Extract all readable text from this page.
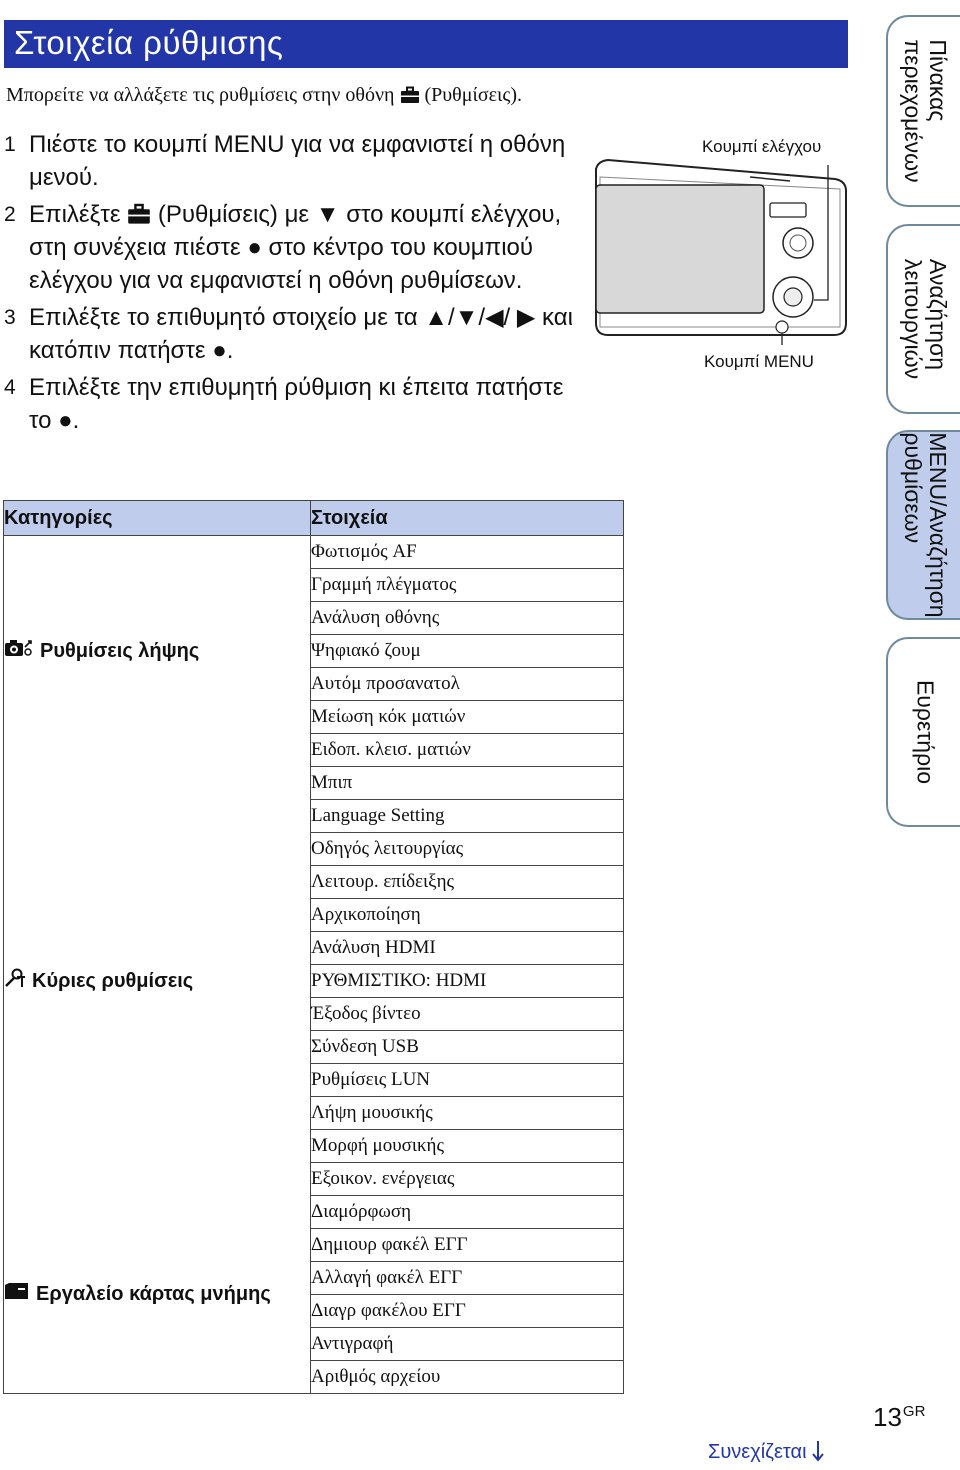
Στοιχεία ρύθμισης
Μπορείτε να αλλάξετε τις ρυθμίσεις στην οθόνη (Ρυθμίσεις).
1 Πιέστε το κουμπί MENU για να εμφανιστεί η οθόνη μενού.
2 Επιλέξτε (Ρυθμίσεις) με ▼ στο κουμπί ελέγχου, στη συνέχεια πιέστε ● στο κέντρο του κουμπιού ελέγχου για να εμφανιστεί η οθόνη ρυθμίσεων.
3 Επιλέξτε το επιθυμητό στοιχείο με τα ▲/▼/◀/ ▶ και κατόπιν πατήστε ●.
4 Επιλέξτε την επιθυμητή ρύθμιση κι έπειτα πατήστε το ●.
Κουμπί ελέγχου
Κουμπί MENU
Κατηγορίες	Στοιχεία
Ρυθμίσεις λήψης	Φωτισμός AF
	Γραμμή πλέγματος
	Ανάλυση οθόνης
	Ψηφιακό ζουμ
	Αυτόμ προσανατολ
	Μείωση κόκ ματιών
	Ειδοπ. κλεισ. ματιών
Κύριες ρυθμίσεις	Μπιπ
	Language Setting
	Οδηγός λειτουργίας
	Λειτουρ. επίδειξης
	Αρχικοποίηση
	Ανάλυση HDMI
	ΡΥΘΜΙΣΤΙΚΟ: HDMI
	Έξοδος βίντεο
	Σύνδεση USB
	Ρυθμίσεις LUN
	Λήψη μουσικής
	Μορφή μουσικής
	Εξοικον. ενέργειας
Εργαλείο κάρτας μνήμης	Διαμόρφωση
	Δημιουρ φακέλ ΕΓΓ
	Αλλαγή φακέλ ΕΓΓ
	Διαγρ φακέλου ΕΓΓ
	Αντιγραφή
	Αριθμός αρχείου
Πίνακας
περιεχομένων
Αναζήτηση
λειτουργιών
MENU/Αναζήτηση
ρυθμίσεων
Ευρετήριο
$13^{GR}$
Συνεχίζεται
